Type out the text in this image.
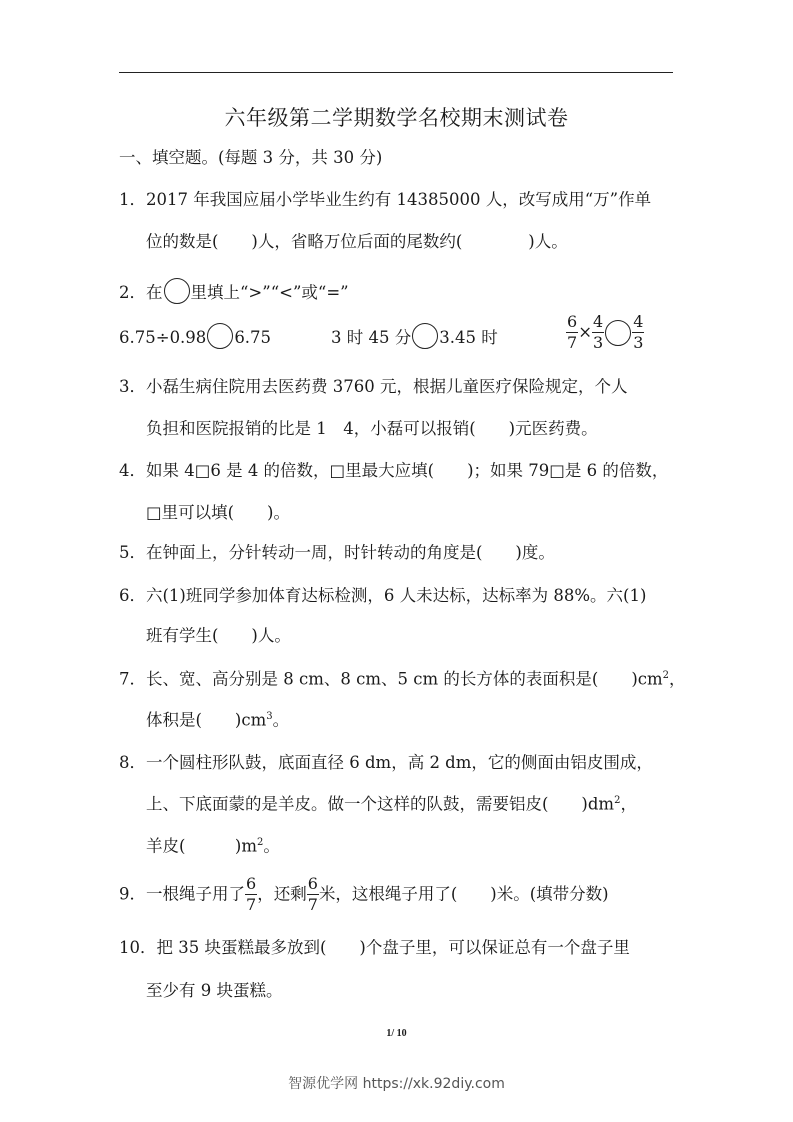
六年级第二学期数学名校期末测试卷
一、填空题。(每题 3 分，共 30 分)
1．2017 年我国应届小学毕业生约有 14385000 人，改写成用“万”作单
位的数是(　　)人，省略万位后面的尾数约(　　　　)人。
2．在 里填上“>”“<”或“=”
6.75÷0.98 6.75	3 时 45 分 3.45 时	$\frac{6}{7} \times \frac{4}{3} \frac{4}{3}$
3．小磊生病住院用去医药费 3760 元，根据儿童医疗保险规定，个人
负担和医院报销的比是 1　4，小磊可以报销(　　)元医药费。
4．如果 4□6 是 4 的倍数，□里最大应填(　　)；如果 79□是 6 的倍数，
□里可以填(　　)。
5．在钟面上，分针转动一周，时针转动的角度是(　　)度。
6．六(1)班同学参加体育达标检测，6 人未达标，达标率为 88%。六(1)
班有学生(　　)人。
7．长、宽、高分别是 8 cm、8 cm、5 cm 的长方体的表面积是(　　)$cm^2$，
体积是(　　)$cm^3$。
8．一个圆柱形队鼓，底面直径 6 dm，高 2 dm，它的侧面由铝皮围成，
上、下底面蒙的是羊皮。做一个这样的队鼓，需要铝皮(　　)$dm^2$，
羊皮(　　　)$m^2$。
9．一根绳子用了 $\frac{6}{7}$ ，还剩 $\frac{6}{7}$ 米，这根绳子用了(　　)米。(填带分数)
10．把 35 块蛋糕最多放到(　　)个盘子里，可以保证总有一个盘子里
至少有 9 块蛋糕。
1/ 10
智源优学网 https://xk.92diy.com
